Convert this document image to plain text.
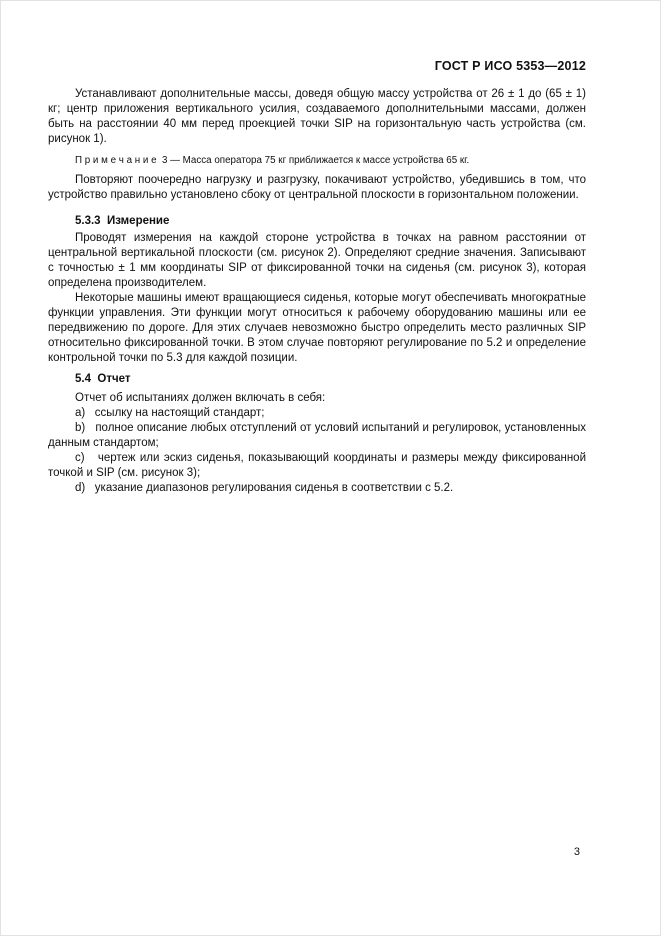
ГОСТ Р ИСО 5353—2012

Устанавливают дополнительные массы, доведя общую массу устройства от 26 ± 1 до (65 ± 1) кг; центр приложения вертикального усилия, создаваемого дополнительными массами, должен быть на расстоянии 40 мм перед проекцией точки SIP на горизонтальную часть устройства (см. рисунок 1).

П р и м е ч а н и е  3 — Масса оператора 75 кг приближается к массе устройства 65 кг.

Повторяют поочередно нагрузку и разгрузку, покачивают устройство, убедившись в том, что устройство правильно установлено сбоку от центральной плоскости в горизонтальном положении.

5.3.3  Измерение

Проводят измерения на каждой стороне устройства в точках на равном расстоянии от центральной вертикальной плоскости (см. рисунок 2). Определяют средние значения. Записывают с точностью ± 1 мм координаты SIP от фиксированной точки на сиденья (см. рисунок 3), которая определена производителем.

Некоторые машины имеют вращающиеся сиденья, которые могут обеспечивать многократные функции управления. Эти функции могут относиться к рабочему оборудованию машины или ее передвижению по дороге. Для этих случаев невозможно быстро определить место различных SIP относительно фиксированной точки. В этом случае повторяют регулирование по 5.2 и определение контрольной точки по 5.3 для каждой позиции.

5.4  Отчет

Отчет об испытаниях должен включать в себя:

a)   ссылку на настоящий стандарт;

b)   полное описание любых отступлений от условий испытаний и регулировок, установленных данным стандартом;

c)   чертеж или эскиз сиденья, показывающий координаты и размеры между фиксированной точкой и SIP (см. рисунок 3);

d)   указание диапазонов регулирования сиденья в соответствии с 5.2.

3
